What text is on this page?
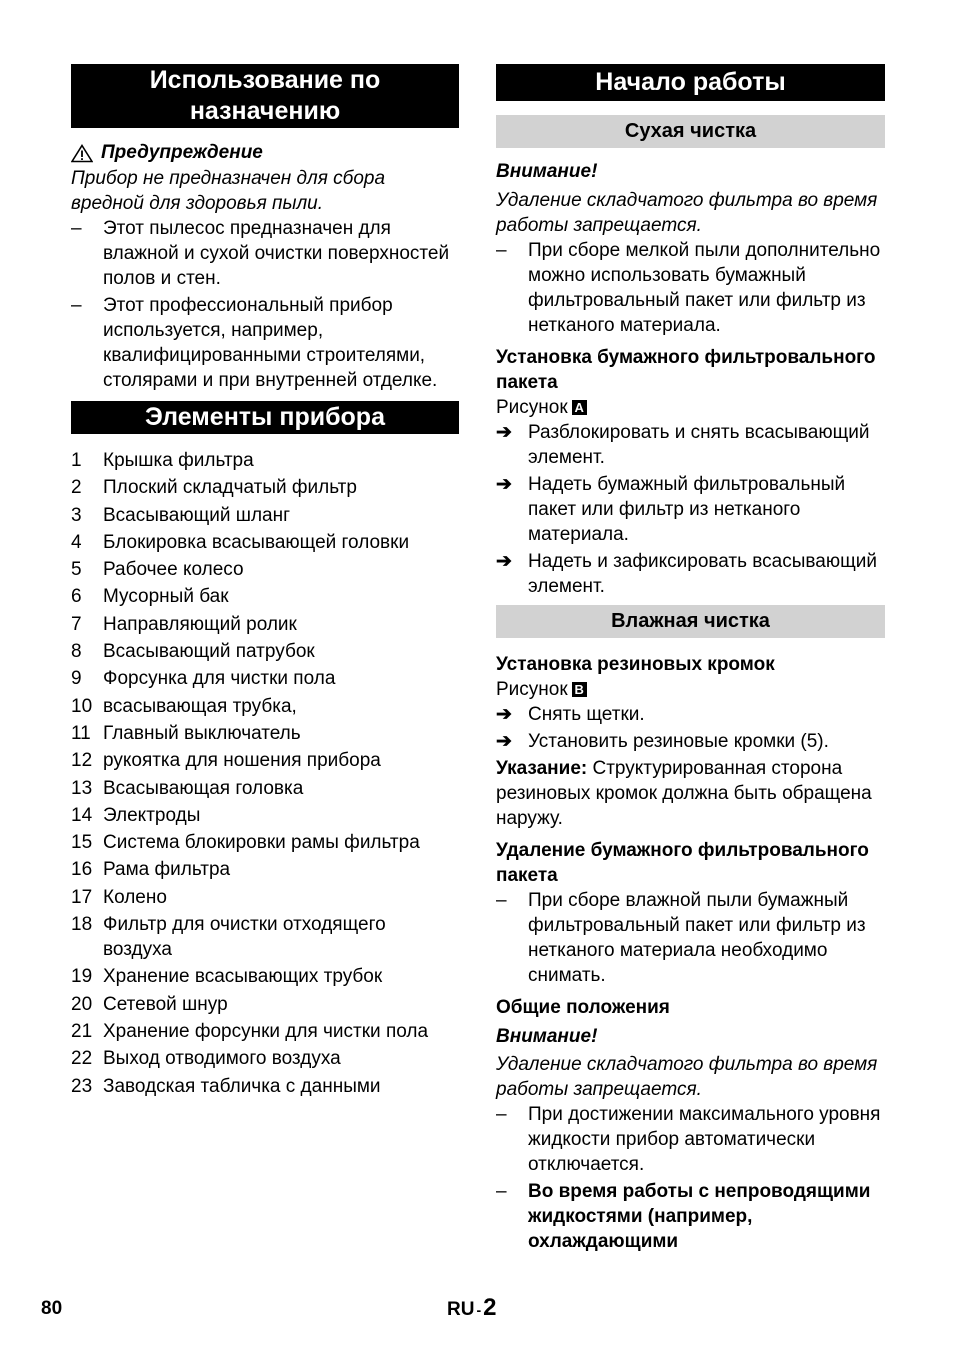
Использование по назначению
Предупреждение

Прибор не предназначен для сбора вредной для здоровья пыли.

–	Этот пылесос предназначен для влажной и сухой очистки поверхностей полов и стен.
–	Этот профессиональный прибор используется, например, квалифицированными строителями, столярами и при внутренней отделке.
Элементы прибора
1	Крышка фильтра
2	Плоский складчатый фильтр
3	Всасывающий шланг
4	Блокировка всасывающей головки
5	Рабочее колесо
6	Мусорный бак
7	Направляющий ролик
8	Всасывающий патрубок
9	Форсунка для чистки пола
10 всасывающая трубка,
11 Главный выключатель
12 рукоятка для ношения прибора
13 Всасывающая головка
14 Электроды
15 Система блокировки рамы фильтра
16 Рама фильтра
17 Колено
18 Фильтр для очистки отходящего воздуха
19 Хранение всасывающих трубок
20 Сетевой шнур
21 Хранение форсунки для чистки пола
22 Выход отводимого воздуха
23 Заводская табличка с данными
Начало работы
Сухая чистка

Внимание!

Удаление складчатого фильтра во время работы запрещается.

–	При сборе мелкой пыли дополнительно можно использовать бумажный фильтровальный пакет или фильтр из нетканого материала.

Установка бумажного фильтровального пакета

Рисунок A

➔ Разблокировать и снять всасывающий элемент.
➔ Надеть бумажный фильтровальный пакет или фильтр из нетканого материала.
➔ Надеть и зафиксировать всасывающий элемент.
Влажная чистка

Установка резиновых кромок

Рисунок B

➔ Снять щетки.
➔ Установить резиновые кромки (5).

Указание: Структурированная сторона резиновых кромок должна быть обращена наружу.

Удаление бумажного фильтровального пакета

–	При сборе влажной пыли бумажный фильтровальный пакет или фильтр из нетканого материала необходимо снимать.

Общие положения

Внимание!

Удаление складчатого фильтра во время работы запрещается.

–	При достижении максимального уровня жидкости прибор автоматически отключается.
–	Во время работы с непроводящими жидкостями (например, охлаждающими
80	RU -2
